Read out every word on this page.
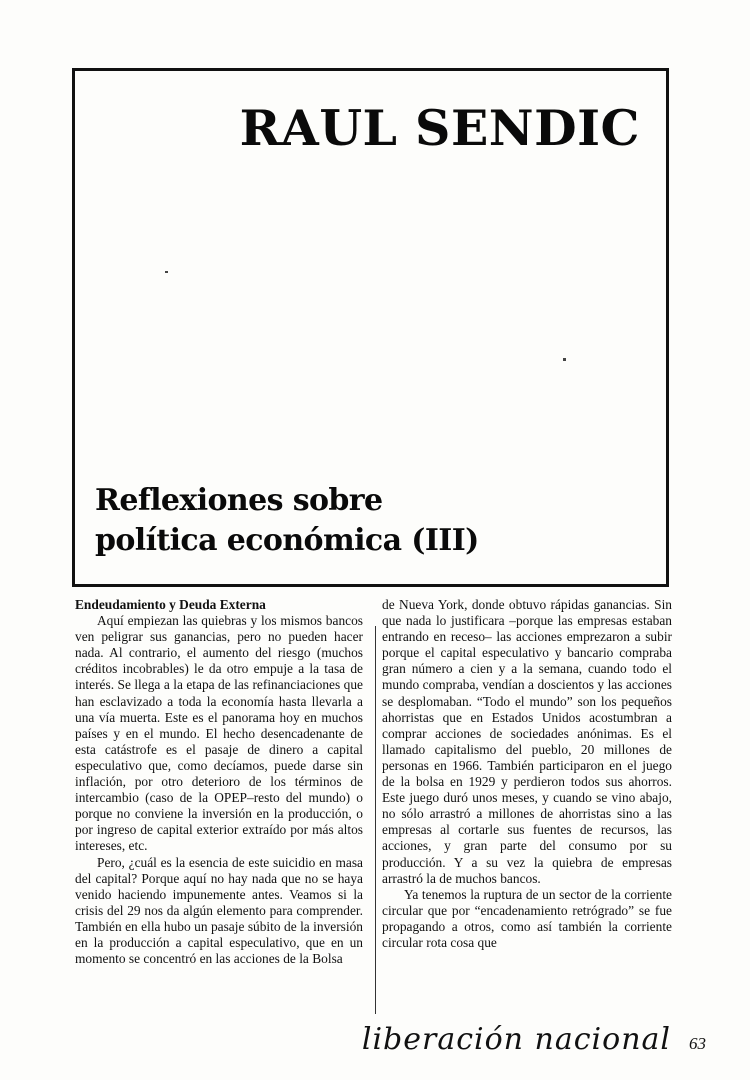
RAUL SENDIC
Reflexiones sobre
política económica (III)
Endeudamiento y Deuda Externa

Aquí empiezan las quiebras y los mismos bancos ven peligrar sus ganancias, pero no pueden hacer nada. Al contrario, el aumento del riesgo (muchos créditos incobrables) le da otro empuje a la tasa de interés. Se llega a la etapa de las refinanciaciones que han esclavizado a toda la economía hasta llevarla a una vía muerta. Este es el panorama hoy en muchos países y en el mundo. El hecho desencadenante de esta catástrofe es el pasaje de dinero a capital especulativo que, como decíamos, puede darse sin inflación, por otro deterioro de los términos de intercambio (caso de la OPEP–resto del mundo) o porque no conviene la inversión en la producción, o por ingreso de capital exterior extraído por más altos intereses, etc.

Pero, ¿cuál es la esencia de este suicidio en masa del capital? Porque aquí no hay nada que no se haya venido haciendo impunemente antes. Veamos si la crisis del 29 nos da algún elemento para comprender. También en ella hubo un pasaje súbito de la inversión en la producción a capital especulativo, que en un momento se concentró en las acciones de la Bolsa

de Nueva York, donde obtuvo rápidas ganancias. Sin que nada lo justificara –porque las empresas estaban entrando en receso– las acciones emprezaron a subir porque el capital especulativo y bancario compraba gran número a cien y a la semana, cuando todo el mundo compraba, vendían a doscientos y las acciones se desplomaban. “Todo el mundo” son los pequeños ahorristas que en Estados Unidos acostumbran a comprar acciones de sociedades anónimas. Es el llamado capitalismo del pueblo, 20 millones de personas en 1966. También participaron en el juego de la bolsa en 1929 y perdieron todos sus ahorros. Este juego duró unos meses, y cuando se vino abajo, no sólo arrastró a millones de ahorristas sino a las empresas al cortarle sus fuentes de recursos, las acciones, y gran parte del consumo por su producción. Y a su vez la quiebra de empresas arrastró la de muchos bancos.

Ya tenemos la ruptura de un sector de la corriente circular que por “encadenamiento retrógrado” se fue propagando a otros, como así también la corriente circular rota cosa que

liberación nacional 63
